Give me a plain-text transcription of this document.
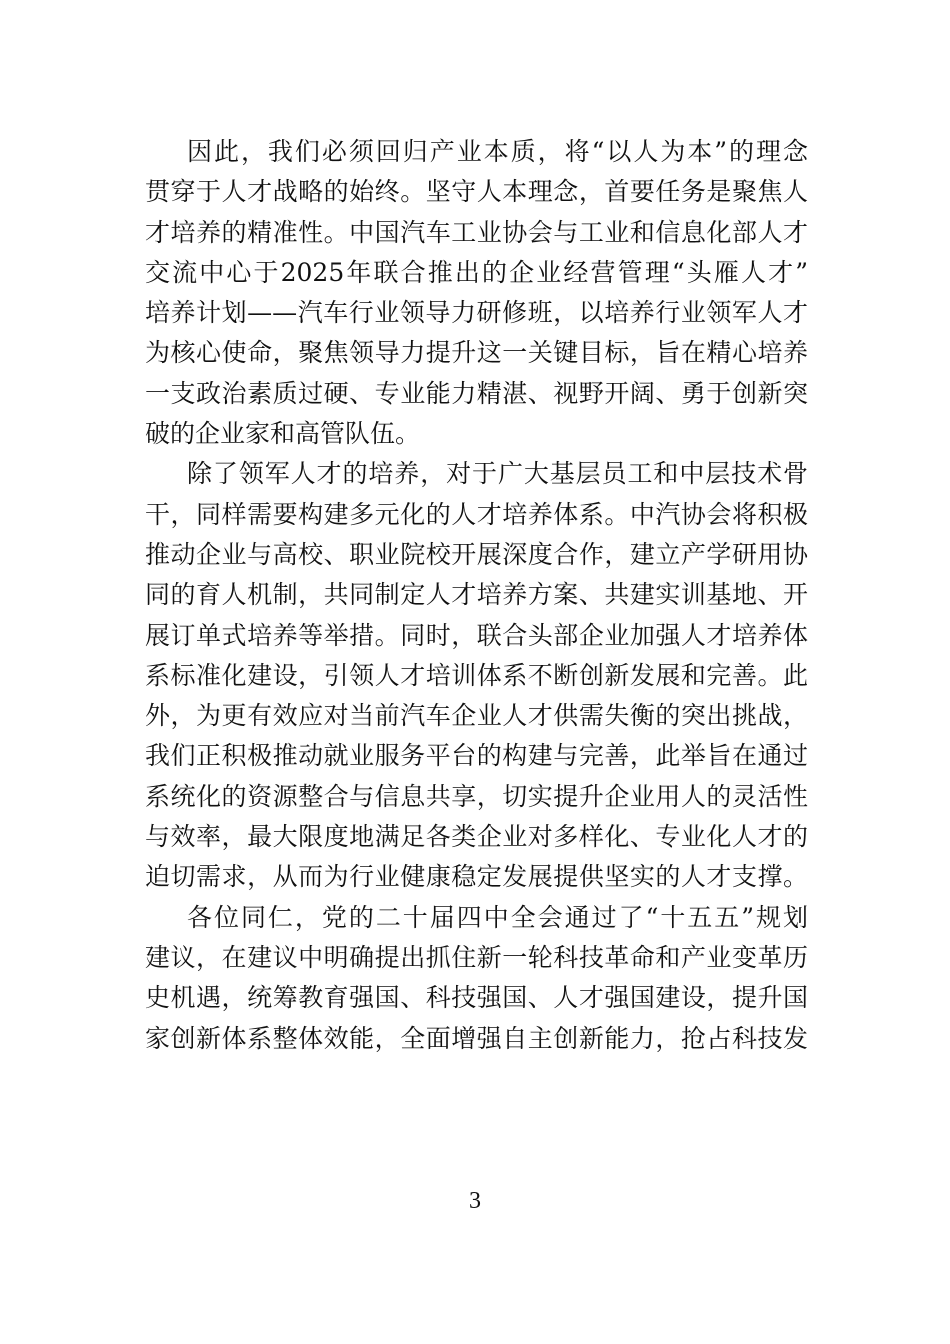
因此，我们必须回归产业本质，将“以人为本”的理念
贯穿于人才战略的始终。坚守人本理念，首要任务是聚焦人
才培养的精准性。中国汽车工业协会与工业和信息化部人才
交流中心于2025年联合推出的企业经营管理“头雁人才”
培养计划——汽车行业领导力研修班，以培养行业领军人才
为核心使命，聚焦领导力提升这一关键目标，旨在精心培养
一支政治素质过硬、专业能力精湛、视野开阔、勇于创新突
破的企业家和高管队伍。
除了领军人才的培养，对于广大基层员工和中层技术骨
干，同样需要构建多元化的人才培养体系。中汽协会将积极
推动企业与高校、职业院校开展深度合作，建立产学研用协
同的育人机制，共同制定人才培养方案、共建实训基地、开
展订单式培养等举措。同时，联合头部企业加强人才培养体
系标准化建设，引领人才培训体系不断创新发展和完善。此
外，为更有效应对当前汽车企业人才供需失衡的突出挑战，
我们正积极推动就业服务平台的构建与完善，此举旨在通过
系统化的资源整合与信息共享，切实提升企业用人的灵活性
与效率，最大限度地满足各类企业对多样化、专业化人才的
迫切需求，从而为行业健康稳定发展提供坚实的人才支撑。
各位同仁，党的二十届四中全会通过了“十五五”规划
建议，在建议中明确提出抓住新一轮科技革命和产业变革历
史机遇，统筹教育强国、科技强国、人才强国建设，提升国
家创新体系整体效能，全面增强自主创新能力，抢占科技发
3
